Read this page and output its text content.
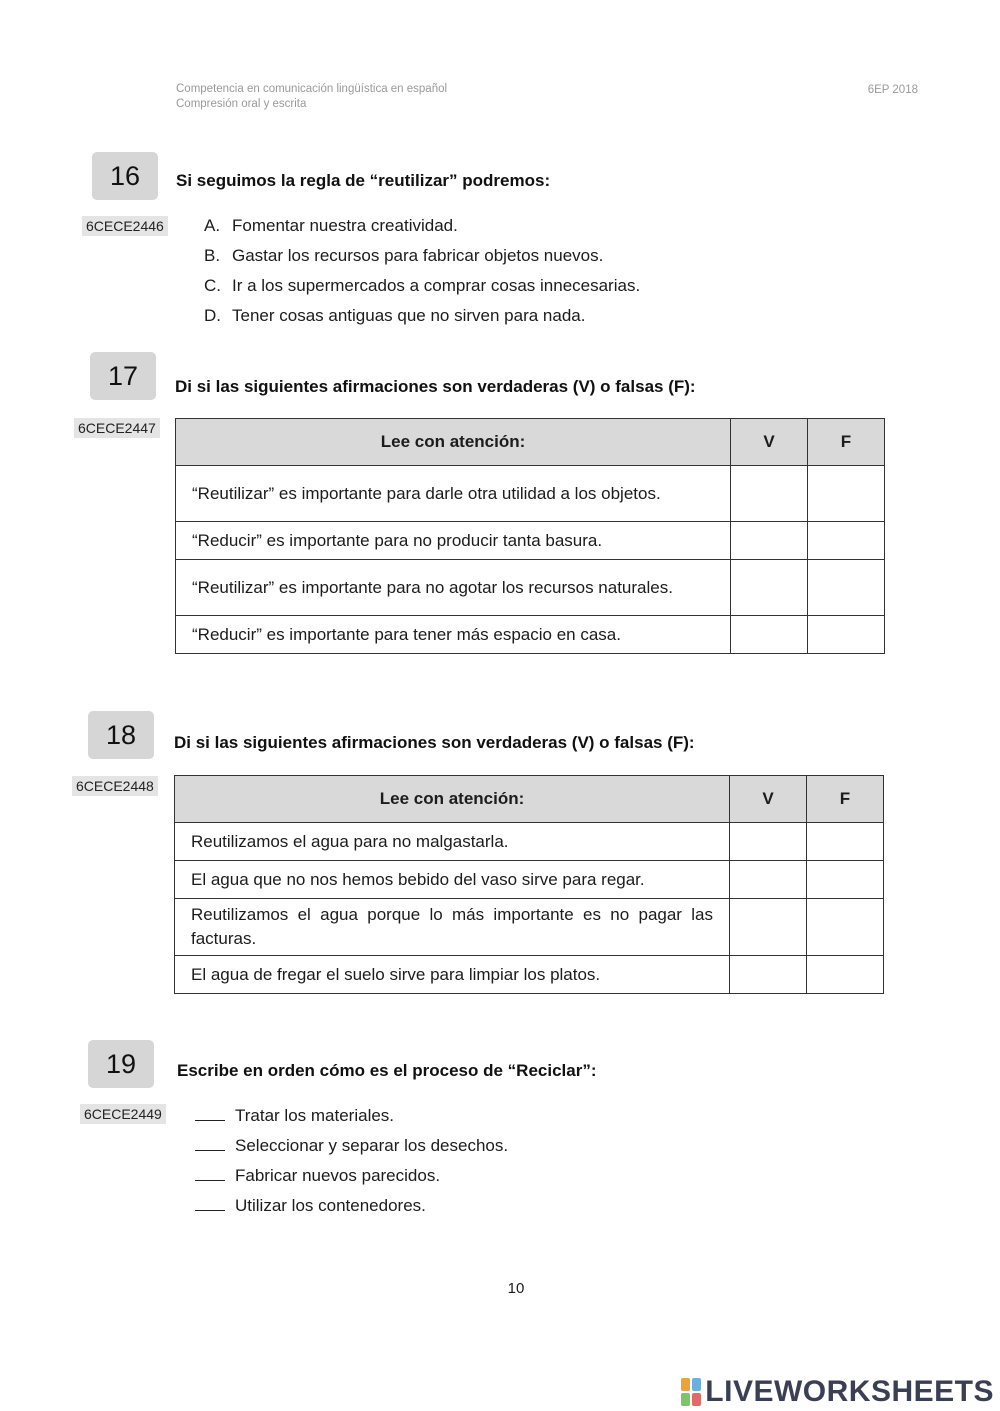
Competencia en comunicación lingüística en español
Compresión oral y escrita
6EP 2018
16	Si seguimos la regla de “reutilizar” podremos:
6CECE2446 A. Fomentar nuestra creatividad.
B. Gastar los recursos para fabricar objetos nuevos.
C. Ir a los supermercados a comprar cosas innecesarias.
D. Tener cosas antiguas que no sirven para nada.
17	Di si las siguientes afirmaciones son verdaderas (V) o falsas (F):
6CECE2447
Lee con atención:	V	F
“Reutilizar” es importante para darle otra utilidad a los objetos.		
“Reducir” es importante para no producir tanta basura.		
“Reutilizar” es importante para no agotar los recursos naturales.		
“Reducir” es importante para tener más espacio en casa.		
18	Di si las siguientes afirmaciones son verdaderas (V) o falsas (F):
6CECE2448
Lee con atención:	V	F
Reutilizamos el agua para no malgastarla.		
El agua que no nos hemos bebido del vaso sirve para regar.		
Reutilizamos el agua porque lo más importante es no pagar las facturas.		
El agua de fregar el suelo sirve para limpiar los platos.		
19	Escribe en orden cómo es el proceso de “Reciclar”:
6CECE2449	Tratar los materiales.
Seleccionar y separar los desechos.
Fabricar nuevos parecidos.
Utilizar los contenedores.
10
LIVEWORKSHEETS
